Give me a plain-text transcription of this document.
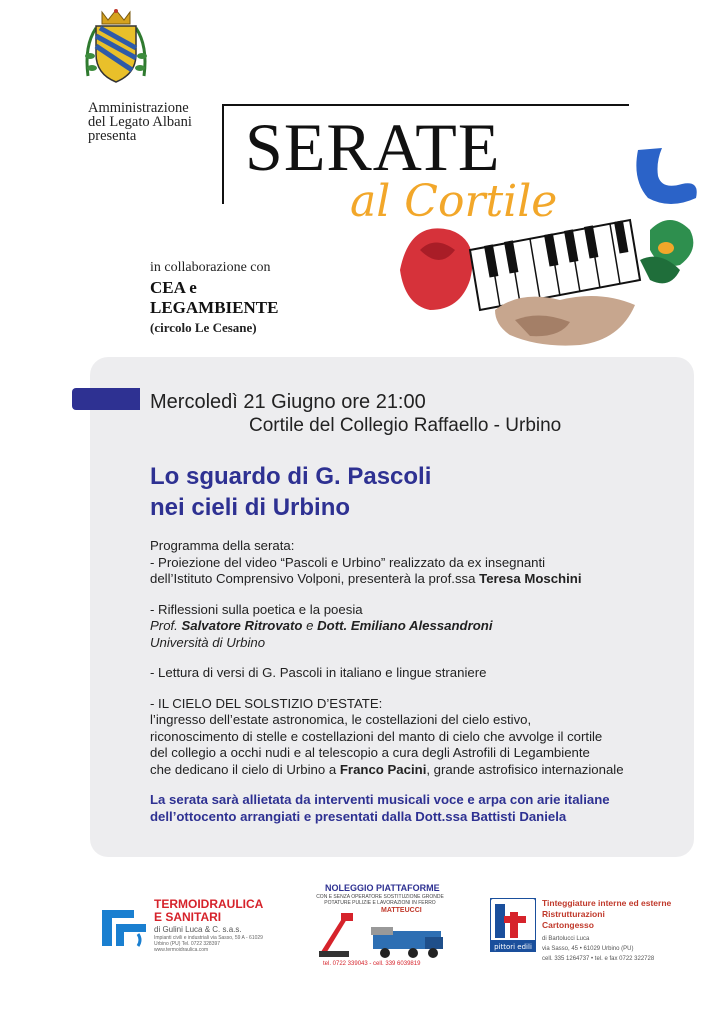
Amministrazione
del Legato Albani
presenta	SERATE
al Cortile
in collaborazione con
CEA e
LEGAMBIENTE
(circolo Le Cesane)
Mercoledì 21 Giugno ore 21:00
Cortile del Collegio Raffaello - Urbino
Lo sguardo di G. Pascoli
nei cieli di Urbino

Programma della serata:

- Proiezione del video “Pascoli e Urbino” realizzato da ex insegnanti

dell’Istituto Comprensivo Volponi, presenterà la prof.ssa Teresa Moschini

- Riflessioni sulla poetica e la poesia

Prof. Salvatore Ritrovato e Dott. Emiliano Alessandroni

Università di Urbino

- Lettura di versi di G. Pascoli in italiano e lingue straniere

- IL CIELO DEL SOLSTIZIO D’ESTATE:

l’ingresso dell’estate astronomica, le costellazioni del cielo estivo,

riconoscimento di stelle e costellazioni del manto di cielo che avvolge il cortile

del collegio a occhi nudi e al telescopio a cura degli Astrofili di Legambiente

che dedicano il cielo di Urbino a Franco Pacini, grande astrofisico internazionale

La serata sarà allietata da interventi musicali voce e arpa con arie italiane

dell’ottocento arrangiati e presentati dalla Dott.ssa Battisti Daniela

TERMOIDRAULICA
E SANITARI
di Gulini Luca & C. s.a.s.
Impianti civili e industriali via Sasso, 59 A - 61029
Urbino (PU) Tel. 0722 328397
www.termoidraulica.com
NOLEGGIO PIATTAFORME
CON E SENZA OPERATORE SOSTITUZIONE GRONDE
POTATURE PULIZIE E LAVORAZIONI IN FERRO
MATTEUCCI
tel. 0722 339043 - cell. 339 6039819
pittori edili
Tinteggiature interne ed esterne
Ristrutturazioni
Cartongesso
di Bartolucci Luca
via Sasso, 45 • 61029 Urbino (PU)
cell. 335 1264737 • tel. e fax 0722 322728
